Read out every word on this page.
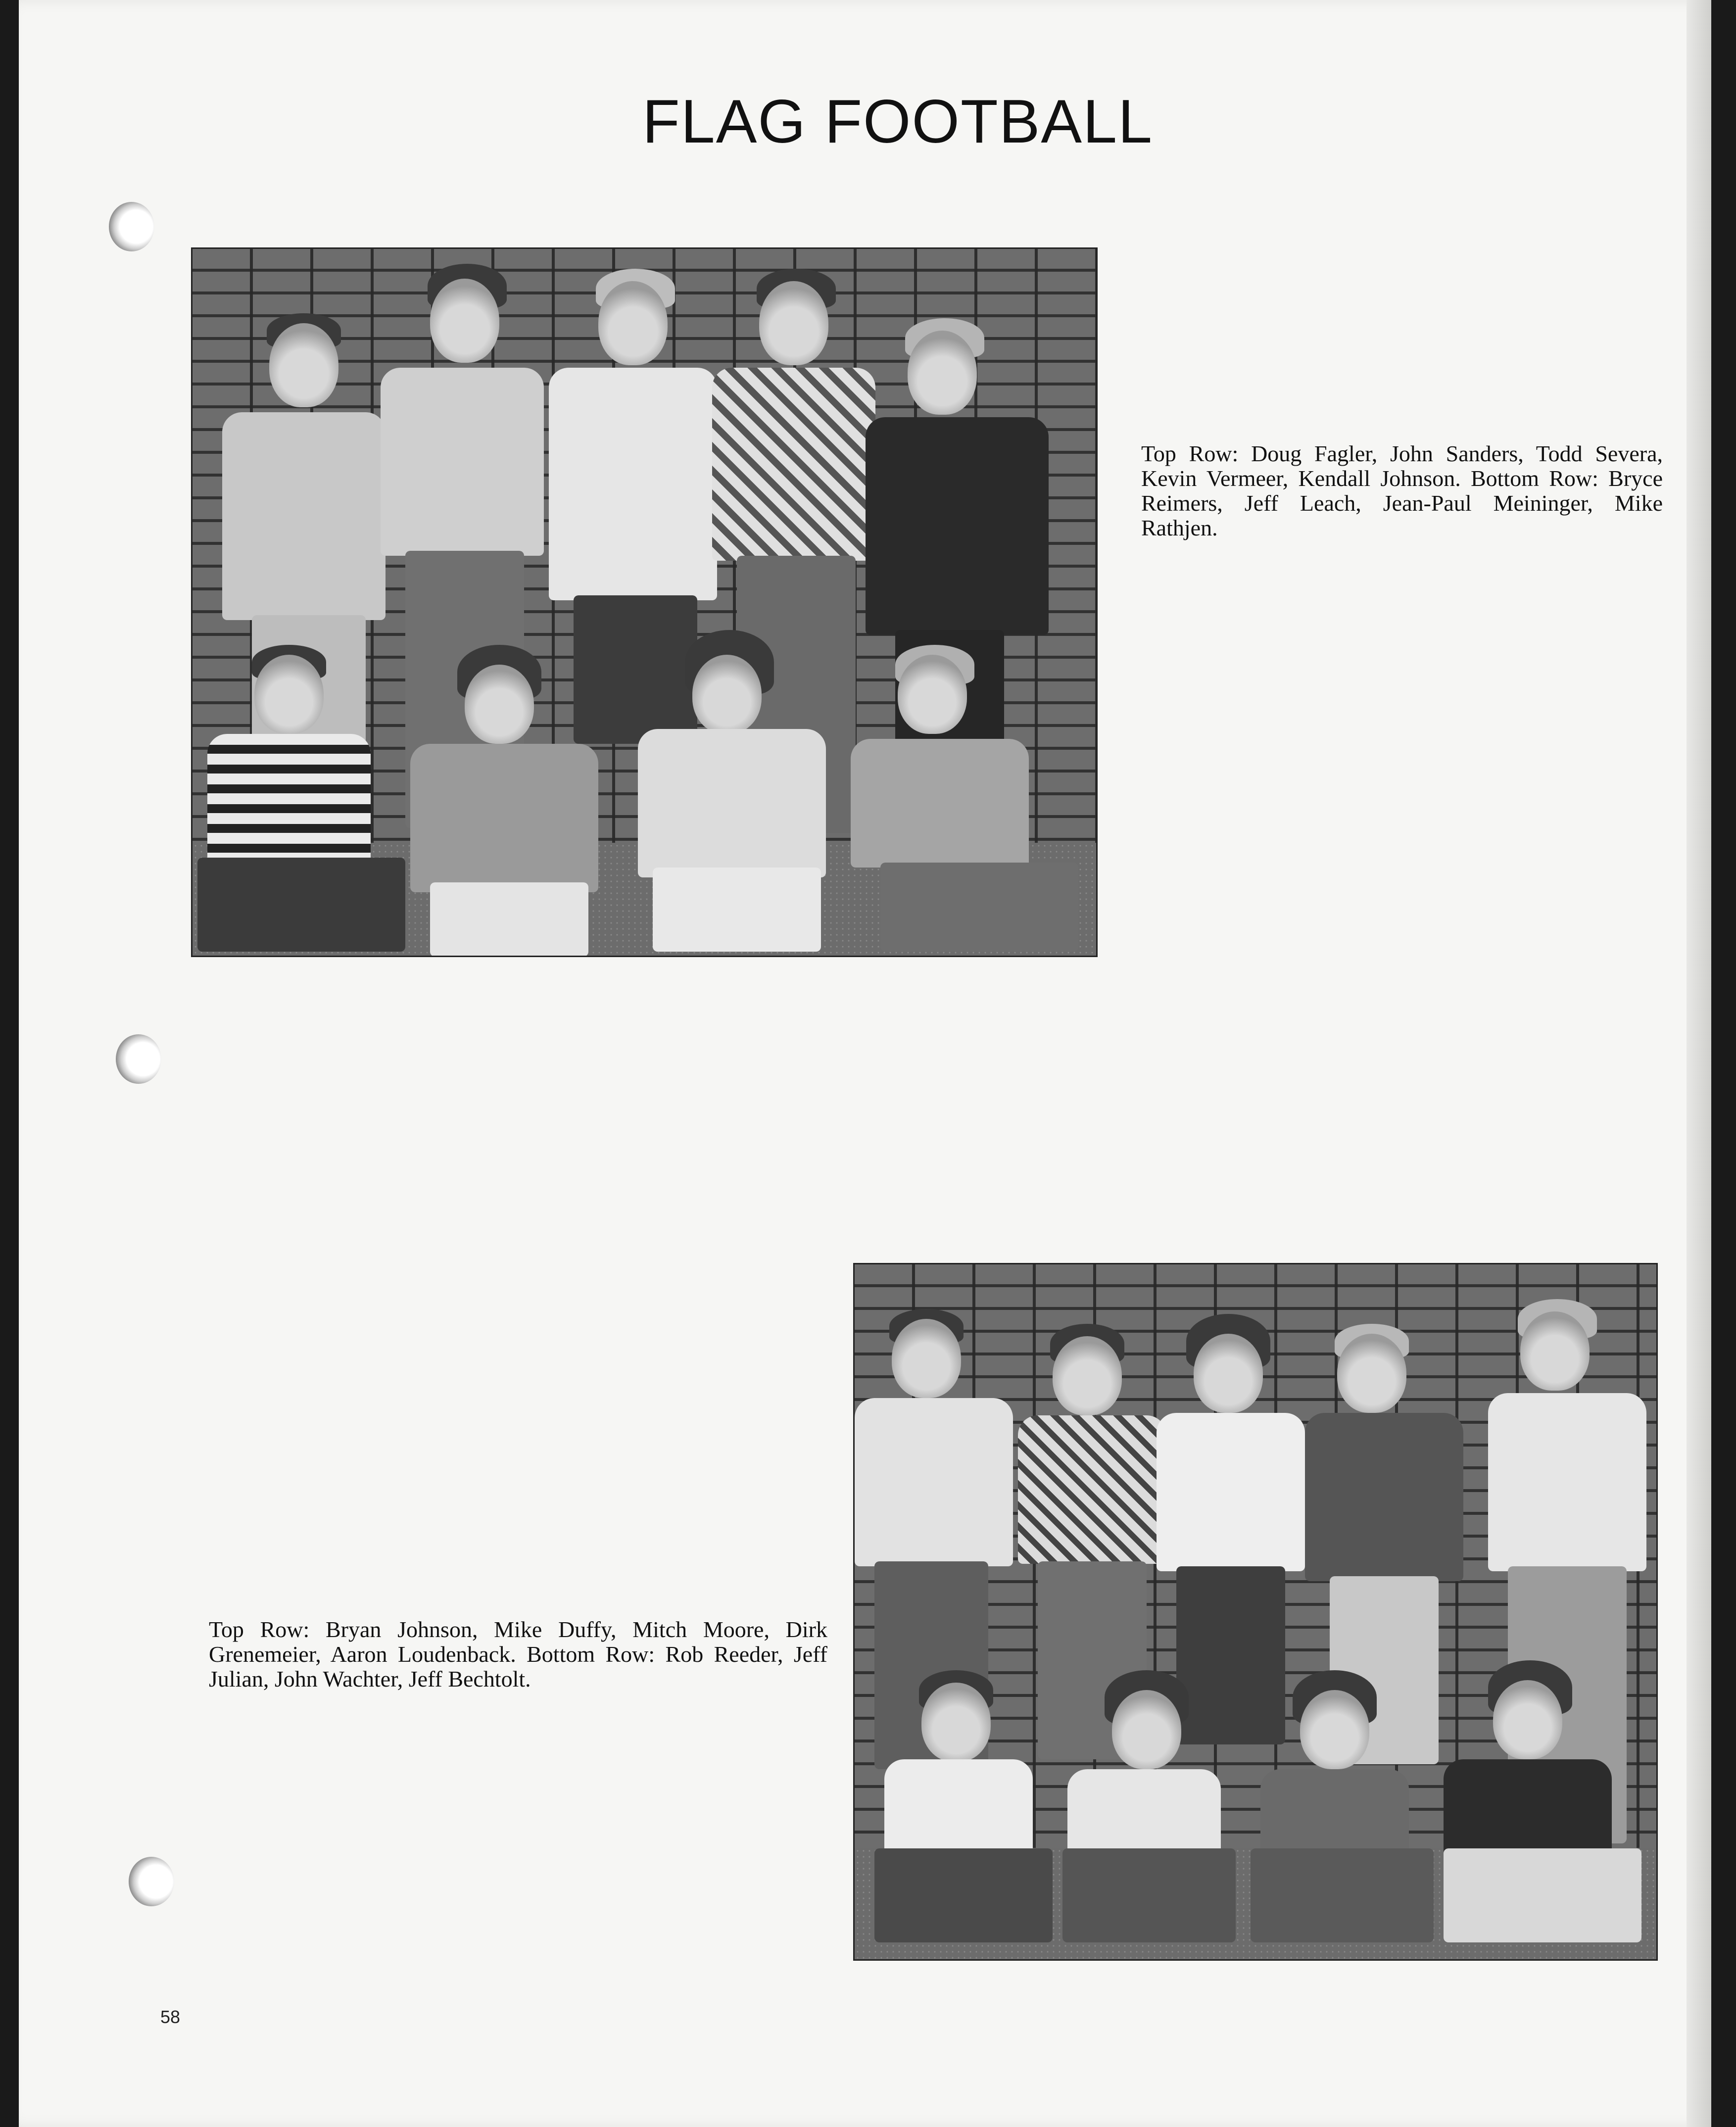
FLAG FOOTBALL

Top Row: Doug Fagler, John Sanders, Todd Severa, Kevin Vermeer, Kendall Johnson. Bottom Row: Bryce Reimers, Jeff Leach, Jean-Paul Meininger, Mike Rathjen.

Top Row: Bryan Johnson, Mike Duffy, Mitch Moore, Dirk Grenemeier, Aaron Loudenback. Bottom Row: Rob Reeder, Jeff Julian, John Wachter, Jeff Bechtolt.

58
